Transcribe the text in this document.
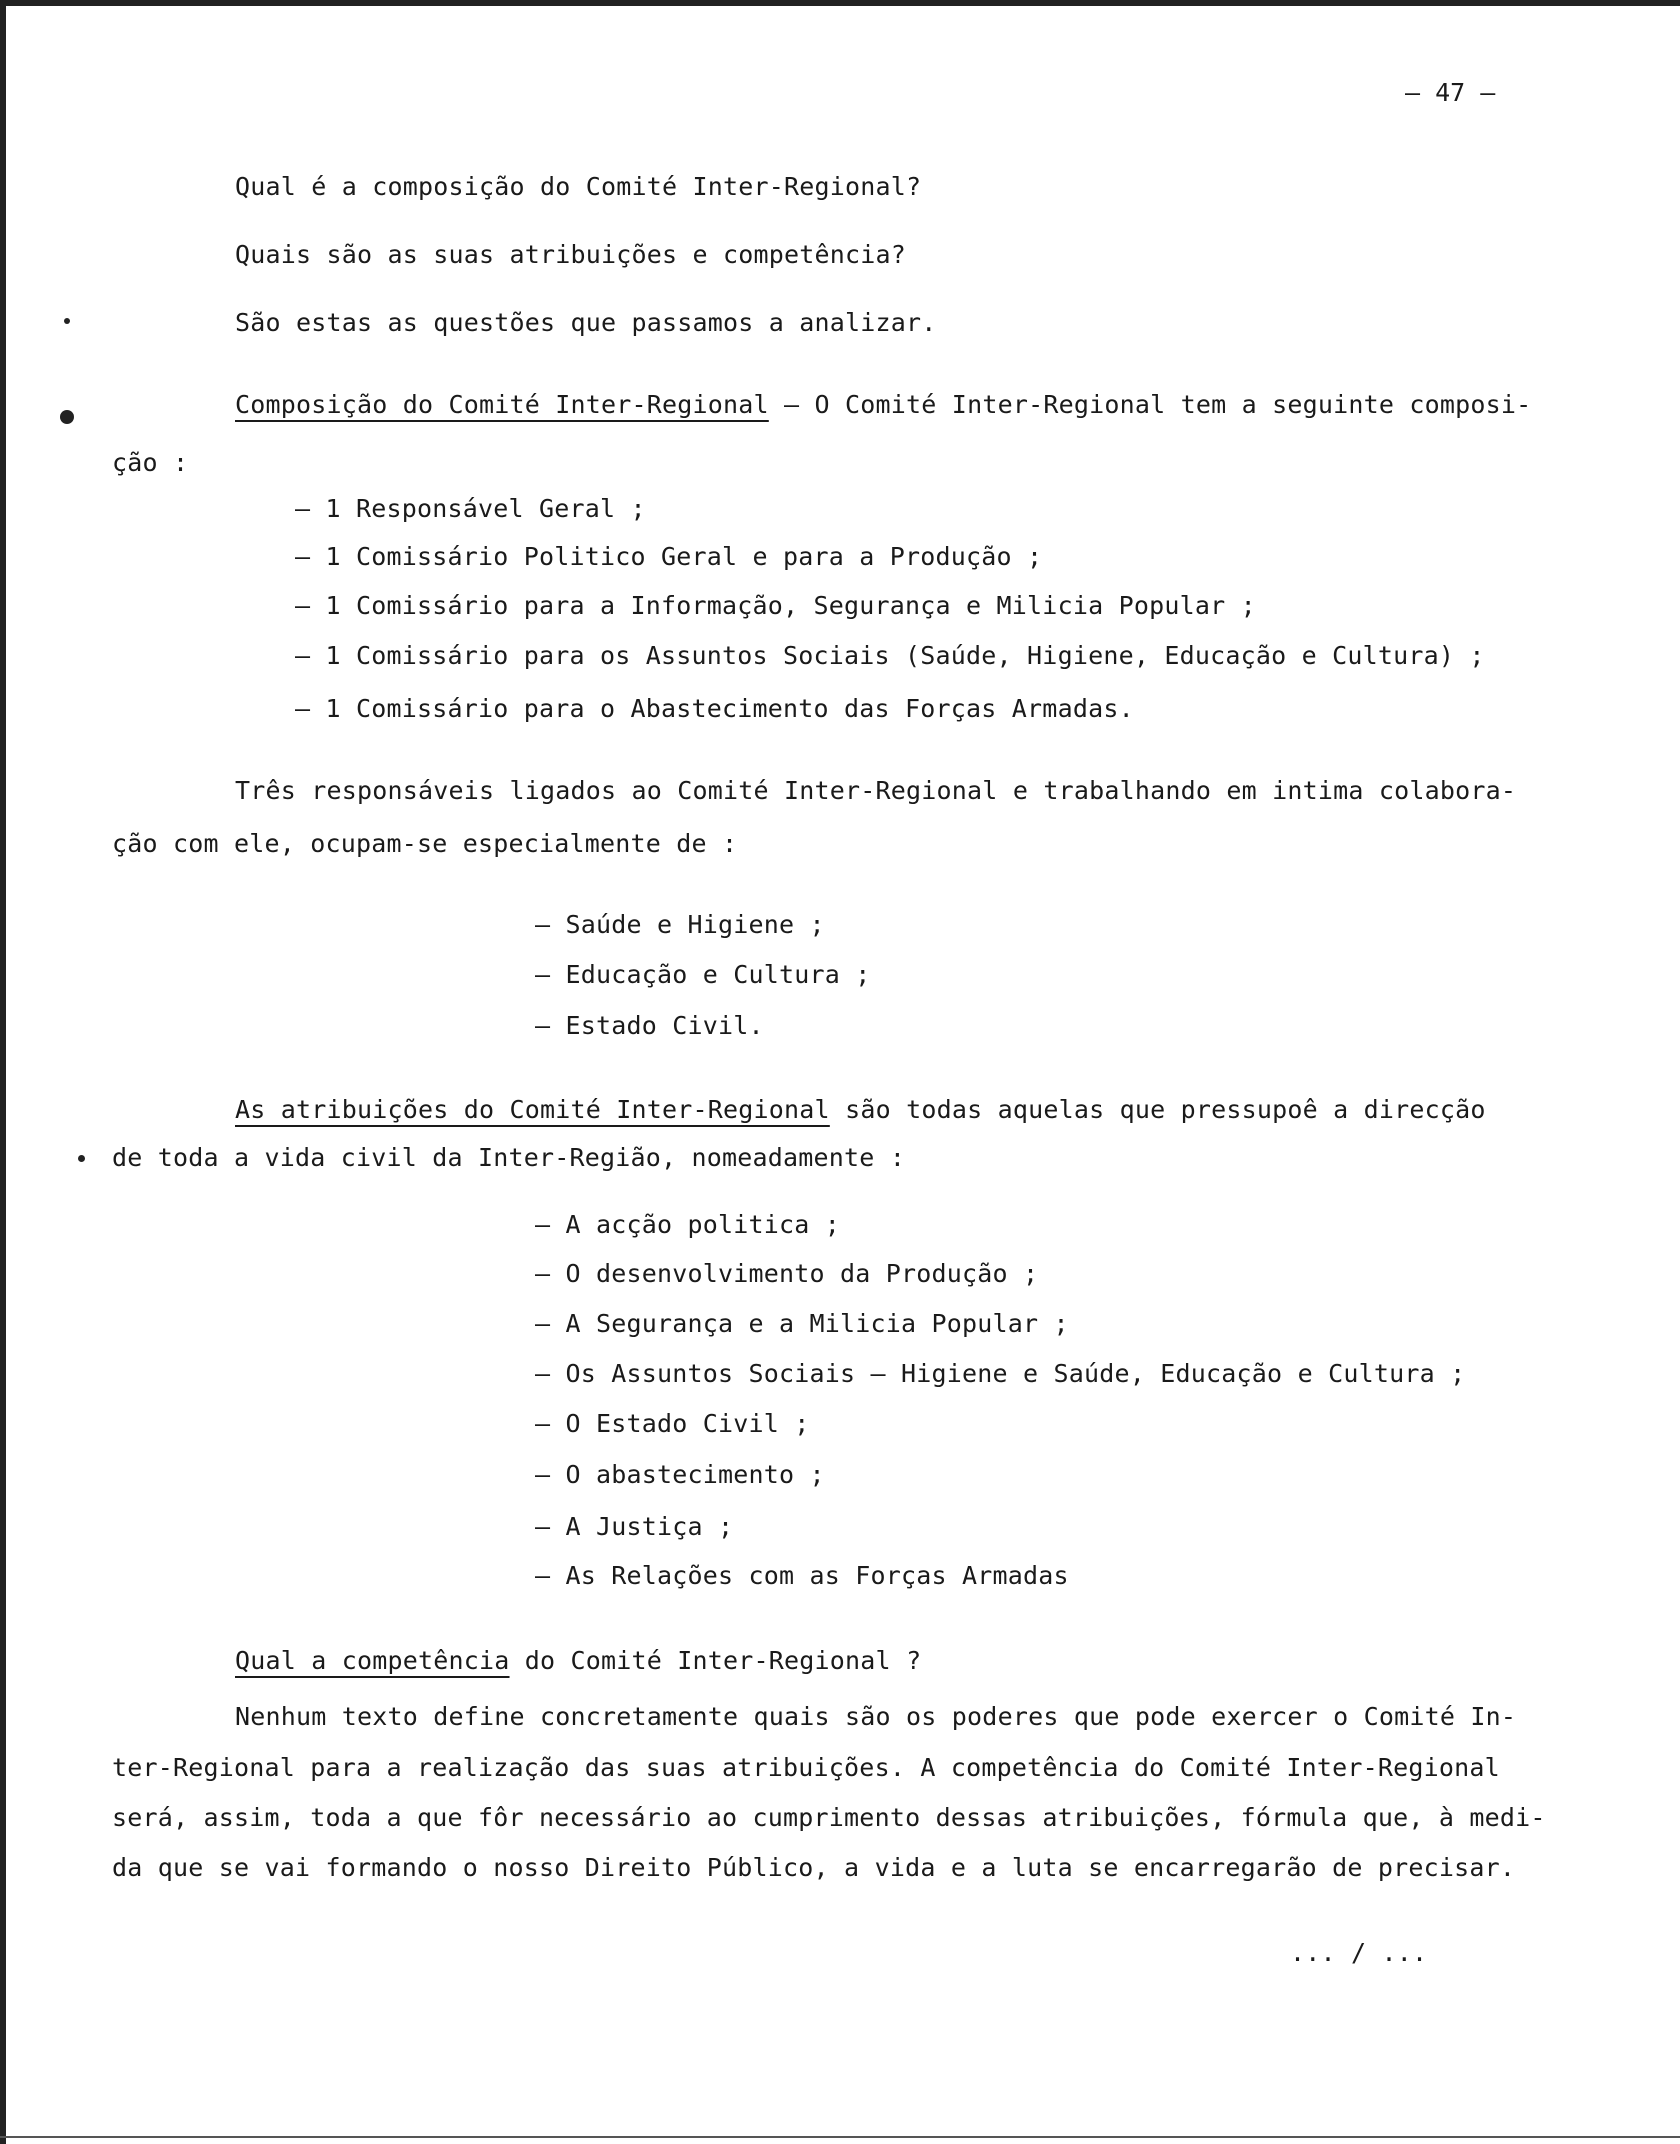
– 47 –
Qual é a composição do Comité Inter-Regional?
Quais são as suas atribuições e competência?
São estas as questões que passamos a analizar.
Composição do Comité Inter-Regional – O Comité Inter-Regional tem a seguinte composi-
ção :
– 1 Responsável Geral ;
– 1 Comissário Politico Geral e para a Produção ;
– 1 Comissário para a Informação, Segurança e Milicia Popular ;
– 1 Comissário para os Assuntos Sociais (Saúde, Higiene, Educação e Cultura) ;
– 1 Comissário para o Abastecimento das Forças Armadas.
Três responsáveis ligados ao Comité Inter-Regional e trabalhando em intima colabora-
ção com ele, ocupam-se especialmente de :
– Saúde e Higiene ;
– Educação e Cultura ;
– Estado Civil.
As atribuições do Comité Inter-Regional são todas aquelas que pressupoê a direcção
de toda a vida civil da Inter-Região, nomeadamente :
– A acção politica ;
– O desenvolvimento da Produção ;
– A Segurança e a Milicia Popular ;
– Os Assuntos Sociais – Higiene e Saúde, Educação e Cultura ;
– O Estado Civil ;
– O abastecimento ;
– A Justiça ;
– As Relações com as Forças Armadas
Qual a competência do Comité Inter-Regional ?
Nenhum texto define concretamente quais são os poderes que pode exercer o Comité In-
ter-Regional para a realização das suas atribuições. A competência do Comité Inter-Regional
será, assim, toda a que fôr necessário ao cumprimento dessas atribuições, fórmula que, à medi-
da que se vai formando o nosso Direito Público, a vida e a luta se encarregarão de precisar.
... / ...
